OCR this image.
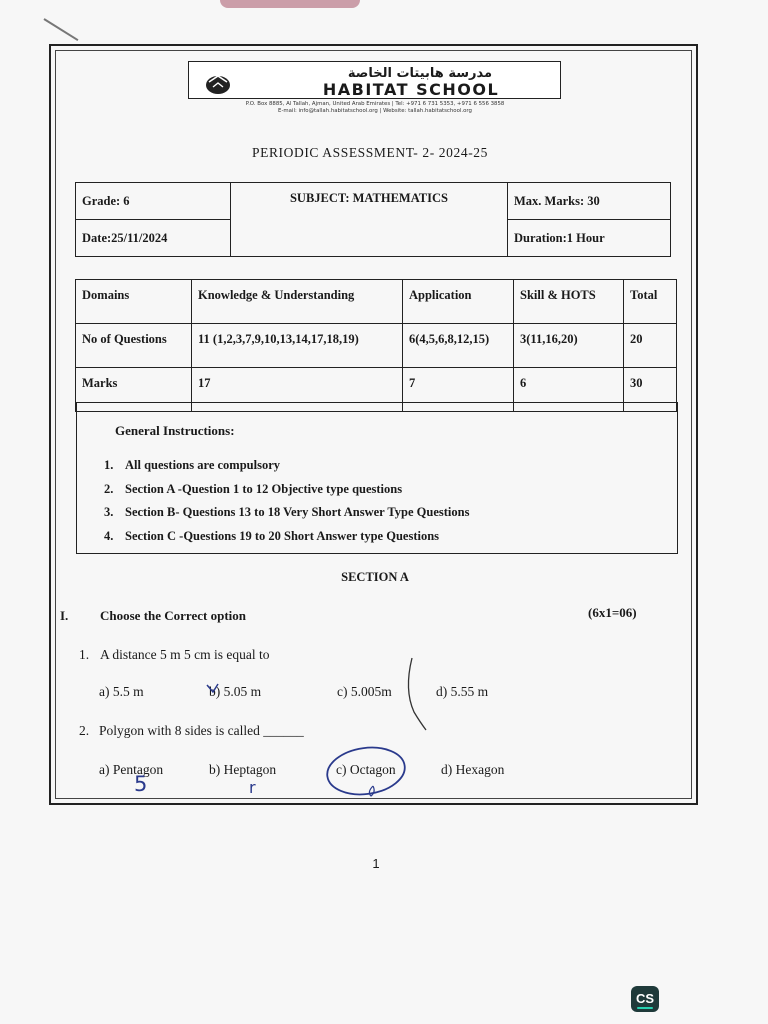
مدرسة هابيتات الخاصة
HABITAT SCHOOL
P.O. Box 8885, Al Tallah, Ajman, United Arab Emirates | Tel: +971 6 731 5353, +971 6 556 3858
E-mail: info@tallah.habitatschool.org | Website: tallah.habitatschool.org
PERIODIC ASSESSMENT- 2- 2024-25
Grade: 6	SUBJECT: MATHEMATICS	Max. Marks: 30
Date:25/11/2024		Duration:1 Hour
Domains	Knowledge & Understanding	Application	Skill & HOTS	Total
No of Questions	11 (1,2,3,7,9,10,13,14,17,18,19)	6(4,5,6,8,12,15)	3(11,16,20)	20
Marks	17	7	6	30
General Instructions:
1. All questions are compulsory
2. Section A -Question 1 to 12 Objective type questions
3. Section B- Questions 13 to 18 Very Short Answer Type Questions
4. Section C -Questions 19 to 20 Short Answer type Questions
SECTION A
I. Choose the Correct option	(6x1=06)
1. A distance 5 m 5 cm is equal to
a) 5.5 m	b) 5.05 m	c) 5.005m	d) 5.55 m
2. Polygon with 8 sides is called ______
a) Pentagon	b) Heptagon	c) Octagon	d) Hexagon
5	r
1
CS
